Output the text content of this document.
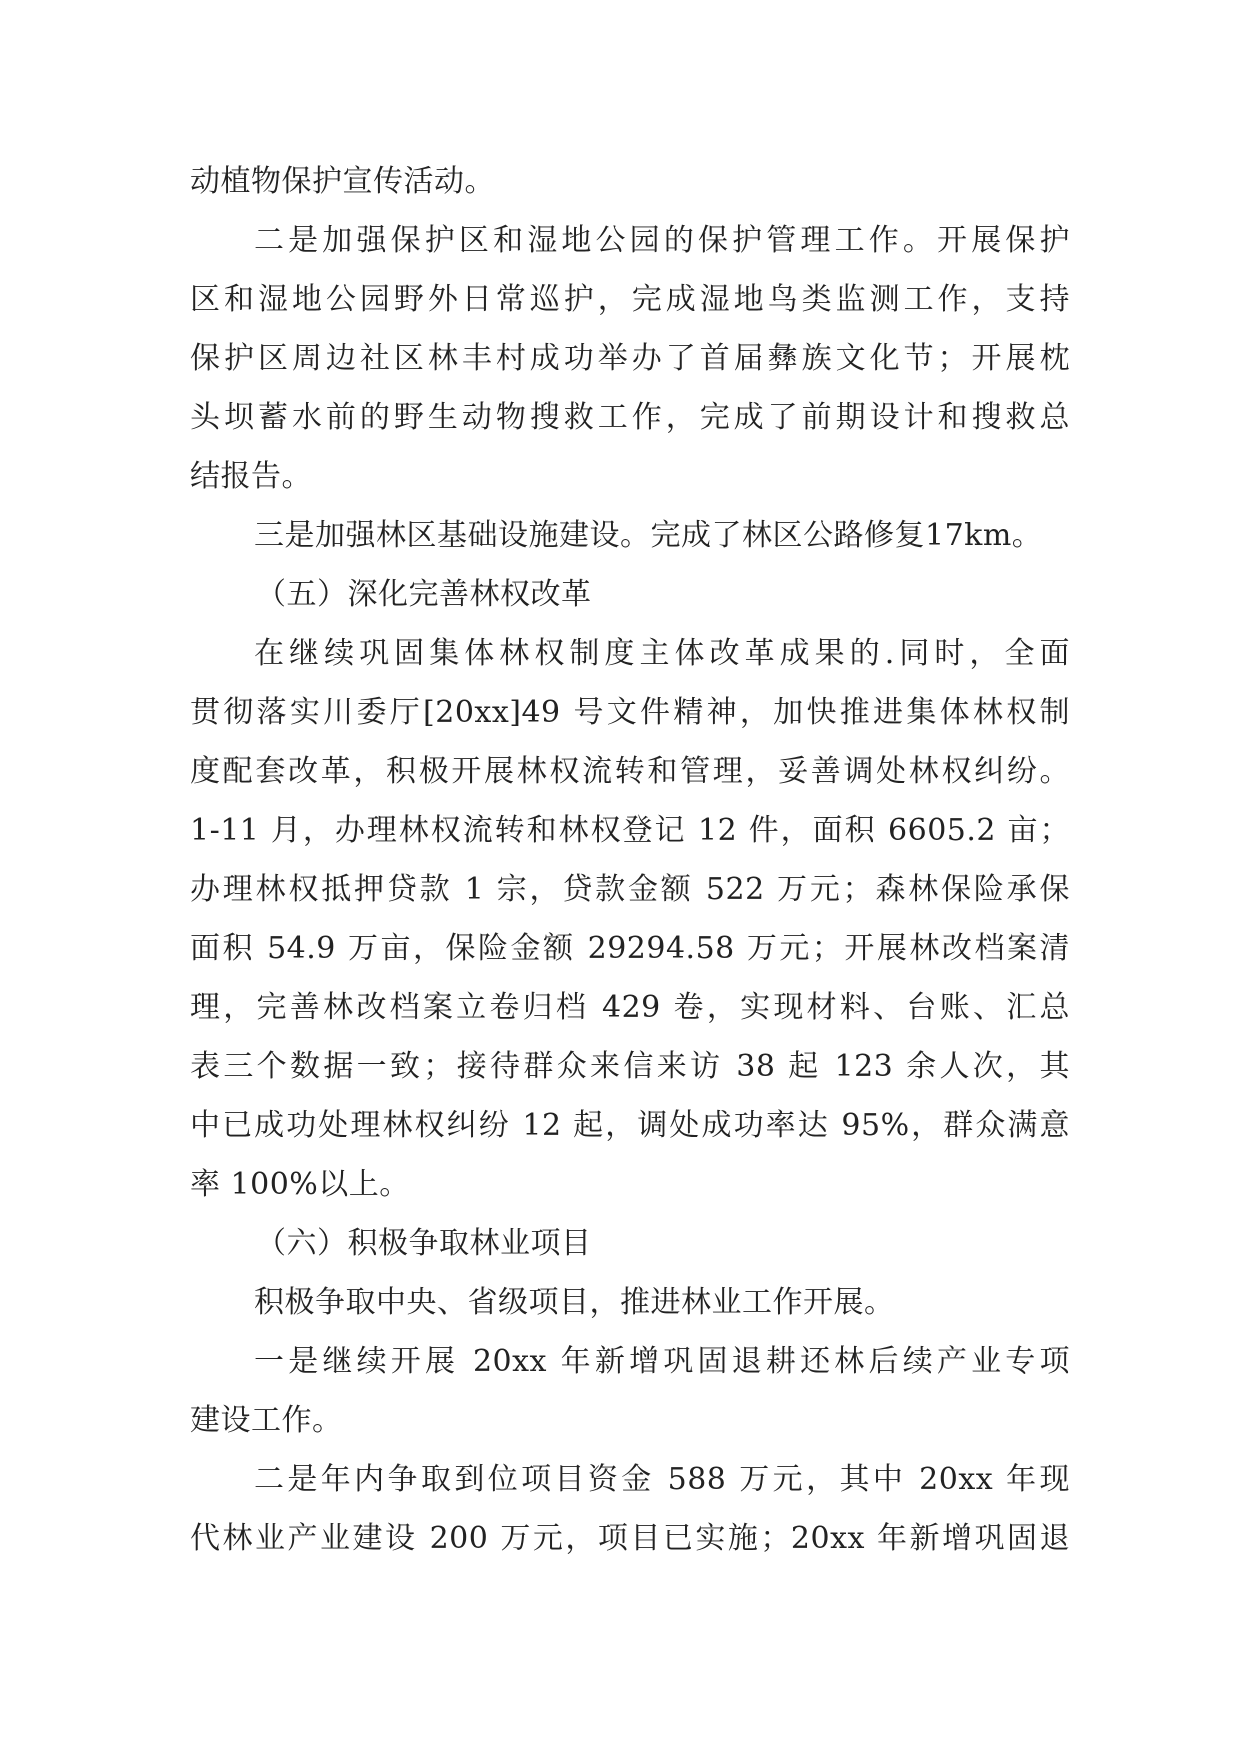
动植物保护宣传活动。
二是加强保护区和湿地公园的保护管理工作。开展保护
区和湿地公园野外日常巡护，完成湿地鸟类监测工作，支持
保护区周边社区林丰村成功举办了首届彝族文化节；开展枕
头坝蓄水前的野生动物搜救工作，完成了前期设计和搜救总
结报告。
三是加强林区基础设施建设。完成了林区公路修复17km。
（五）深化完善林权改革
在继续巩固集体林权制度主体改革成果的.同时，全面
贯彻落实川委厅[20xx]49 号文件精神，加快推进集体林权制
度配套改革，积极开展林权流转和管理，妥善调处林权纠纷。
1-11 月，办理林权流转和林权登记 12 件，面积 6605.2 亩；
办理林权抵押贷款 1 宗，贷款金额 522 万元；森林保险承保
面积 54.9 万亩，保险金额 29294.58 万元；开展林改档案清
理，完善林改档案立卷归档 429 卷，实现材料、台账、汇总
表三个数据一致；接待群众来信来访 38 起 123 余人次，其
中已成功处理林权纠纷 12 起，调处成功率达 95%，群众满意
率 100%以上。
（六）积极争取林业项目
积极争取中央、省级项目，推进林业工作开展。
一是继续开展 20xx 年新增巩固退耕还林后续产业专项
建设工作。
二是年内争取到位项目资金 588 万元，其中 20xx 年现
代林业产业建设 200 万元，项目已实施；20xx 年新增巩固退
